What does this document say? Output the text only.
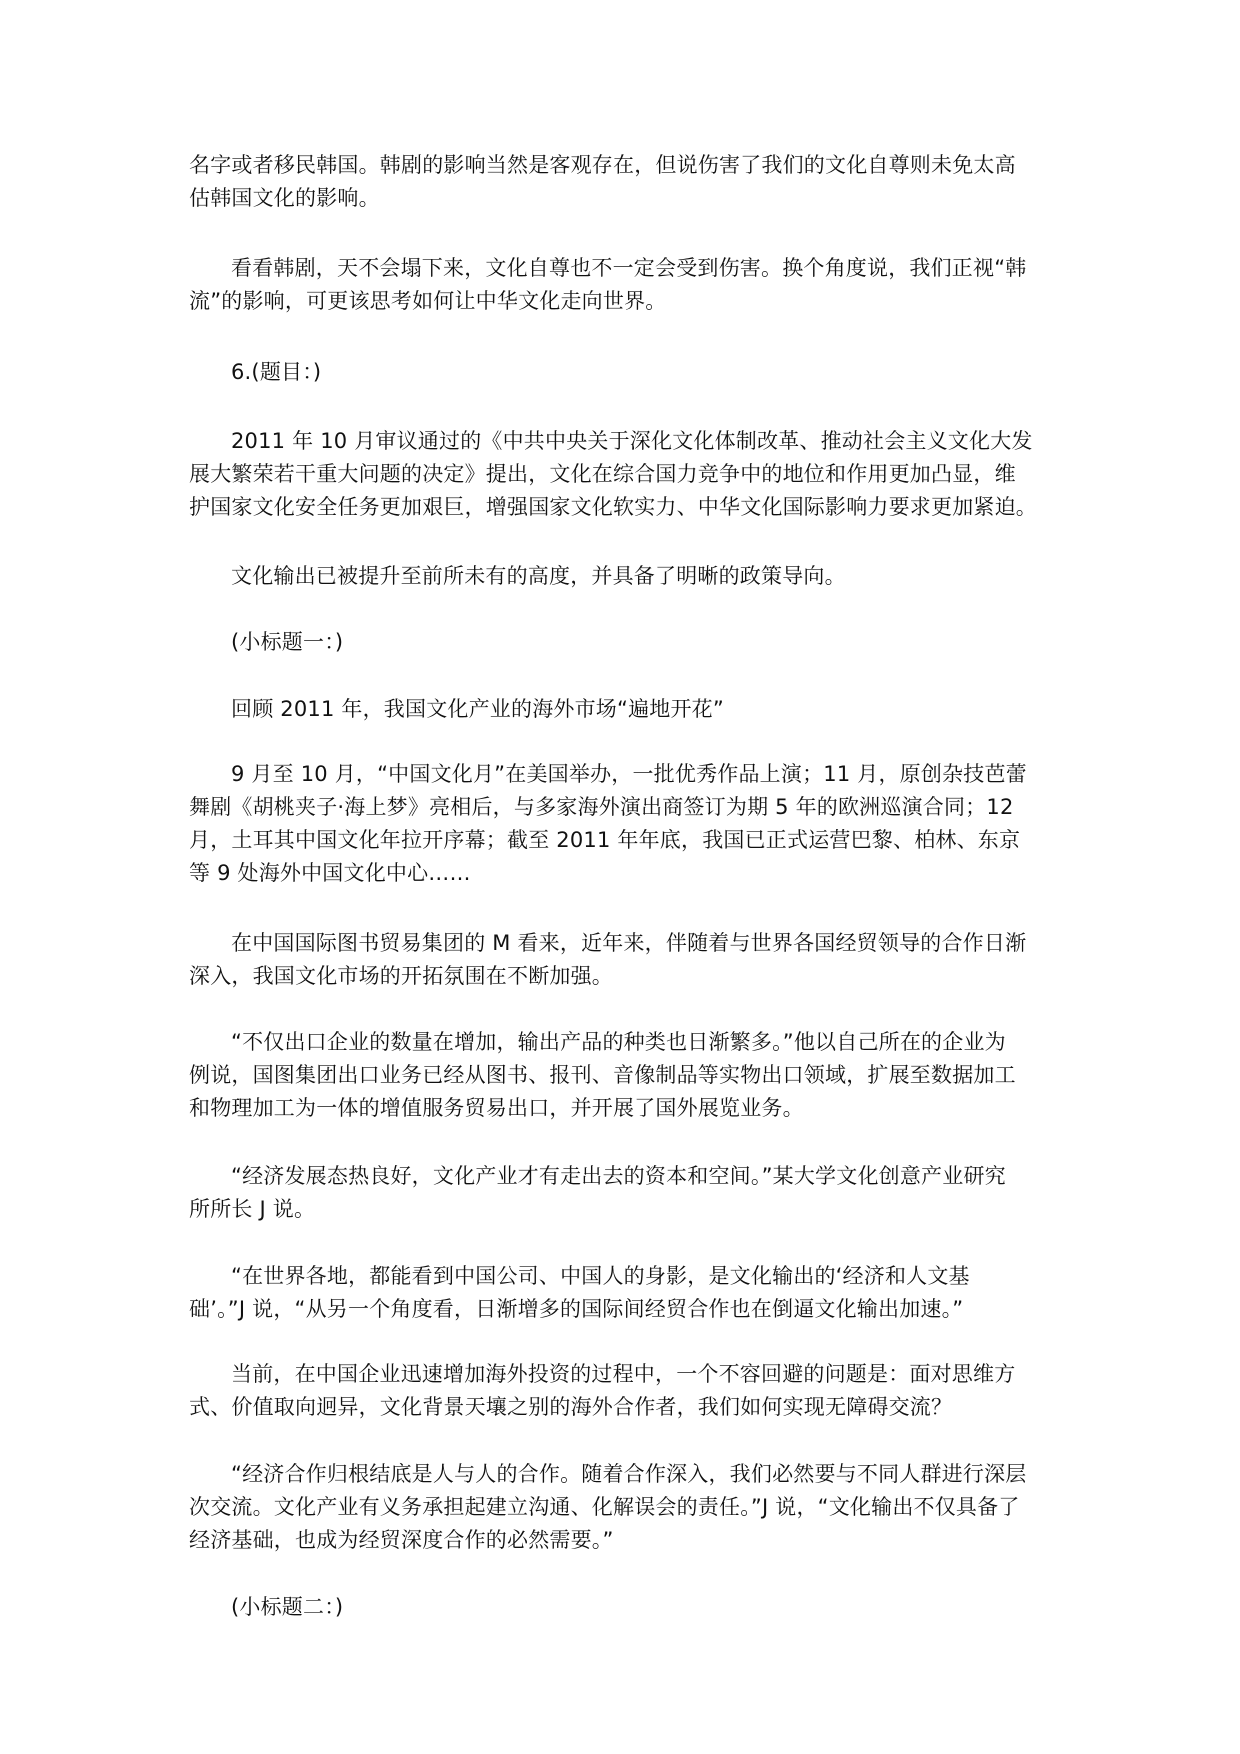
名字或者移民韩国。韩剧的影响当然是客观存在，但说伤害了我们的文化自尊则未免太高
估韩国文化的影响。
看看韩剧，天不会塌下来，文化自尊也不一定会受到伤害。换个角度说，我们正视“韩
流”的影响，可更该思考如何让中华文化走向世界。
6.(题目：)
2011 年 10 月审议通过的《中共中央关于深化文化体制改革、推动社会主义文化大发
展大繁荣若干重大问题的决定》提出，文化在综合国力竞争中的地位和作用更加凸显，维
护国家文化安全任务更加艰巨，增强国家文化软实力、中华文化国际影响力要求更加紧迫。
文化输出已被提升至前所未有的高度，并具备了明晰的政策导向。
(小标题一：)
回顾 2011 年，我国文化产业的海外市场“遍地开花”
9 月至 10 月，“中国文化月”在美国举办，一批优秀作品上演；11 月，原创杂技芭蕾
舞剧《胡桃夹子·海上梦》亮相后，与多家海外演出商签订为期 5 年的欧洲巡演合同；12
月，土耳其中国文化年拉开序幕；截至 2011 年年底，我国已正式运营巴黎、柏林、东京
等 9 处海外中国文化中心……
在中国国际图书贸易集团的 M 看来，近年来，伴随着与世界各国经贸领导的合作日渐
深入，我国文化市场的开拓氛围在不断加强。
“不仅出口企业的数量在增加，输出产品的种类也日渐繁多。”他以自己所在的企业为
例说，国图集团出口业务已经从图书、报刊、音像制品等实物出口领域，扩展至数据加工
和物理加工为一体的增值服务贸易出口，并开展了国外展览业务。
“经济发展态热良好，文化产业才有走出去的资本和空间。”某大学文化创意产业研究
所所长 J 说。
“在世界各地，都能看到中国公司、中国人的身影，是文化输出的‘经济和人文基
础’。”J 说，“从另一个角度看，日渐增多的国际间经贸合作也在倒逼文化输出加速。”
当前，在中国企业迅速增加海外投资的过程中，一个不容回避的问题是：面对思维方
式、价值取向迥异，文化背景天壤之别的海外合作者，我们如何实现无障碍交流？
“经济合作归根结底是人与人的合作。随着合作深入，我们必然要与不同人群进行深层
次交流。文化产业有义务承担起建立沟通、化解误会的责任。”J 说，“文化输出不仅具备了
经济基础，也成为经贸深度合作的必然需要。”
(小标题二：)
